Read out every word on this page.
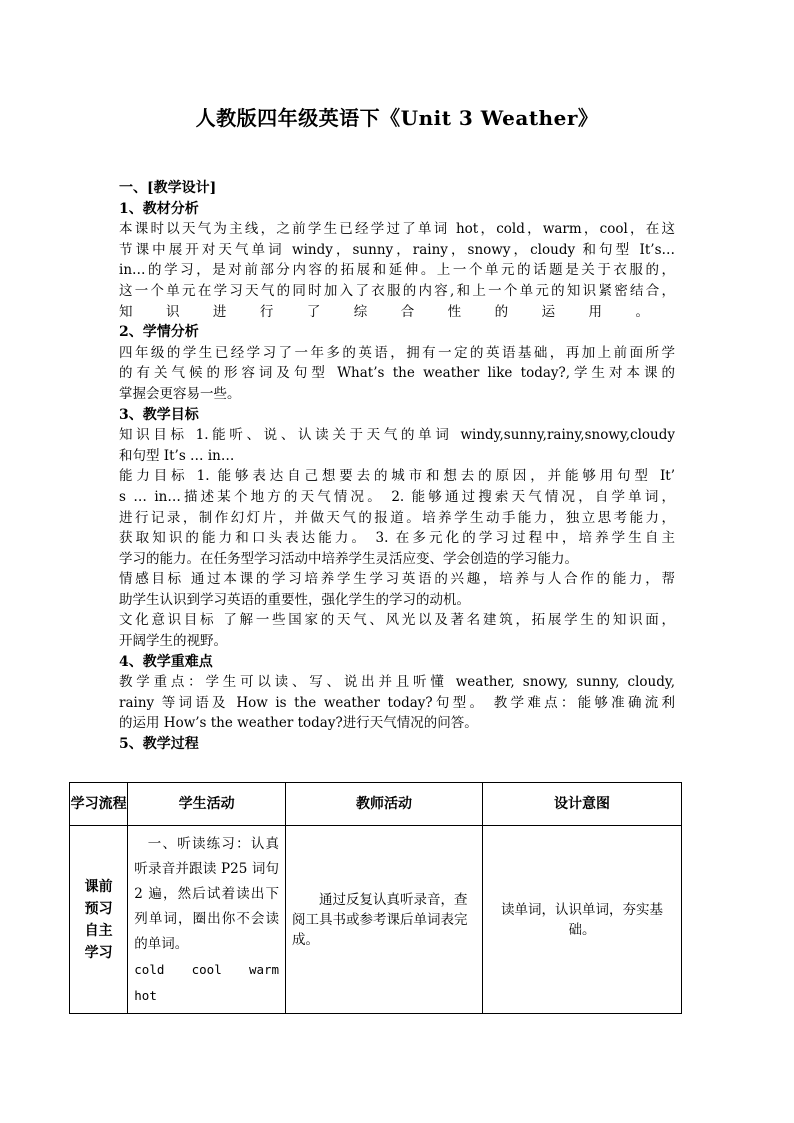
人教版四年级英语下《Unit 3 Weather》

一、[教学设计]

1、教材分析

本课时以天气为主线，之前学生已经学过了单词 hot，cold，warm，cool，在这

节课中展开对天气单词 windy，sunny，rainy，snowy，cloudy 和句型 It’s…

in…的学习，是对前部分内容的拓展和延伸。上一个单元的话题是关于衣服的，

这一个单元在学习天气的同时加入了衣服的内容,和上一个单元的知识紧密结合，

知识进行了综合性的运用。

2、学情分析

四年级的学生已经学习了一年多的英语，拥有一定的英语基础，再加上前面所学

的有关气候的形容词及句型 What’s the weather like today?,学生对本课的

掌握会更容易一些。

3、教学目标

知识目标 1.能听、说、认读关于天气的单词 windy,sunny,rainy,snowy,cloudy

和句型 It’s … in…

能力目标 1. 能够表达自己想要去的城市和想去的原因，并能够用句型 It’

s … in…描述某个地方的天气情况。 2. 能够通过搜索天气情况，自学单词，

进行记录，制作幻灯片，并做天气的报道。培养学生动手能力，独立思考能力，

获取知识的能力和口头表达能力。 3. 在多元化的学习过程中，培养学生自主

学习的能力。在任务型学习活动中培养学生灵活应变、学会创造的学习能力。

情感目标 通过本课的学习培养学生学习英语的兴趣，培养与人合作的能力，帮

助学生认识到学习英语的重要性，强化学生的学习的动机。

文化意识目标 了解一些国家的天气、风光以及著名建筑，拓展学生的知识面，

开阔学生的视野。

4、教学重难点

教学重点：学生可以读、写、说出并且听懂 weather, snowy, sunny, cloudy,

rainy 等词语及 How is the weather today?句型。 教学难点：能够准确流利

的运用 How’s the weather today?进行天气情况的问答。

5、教学过程

学习流程	学生活动	教师活动	设计意图

课前预习自主学习	一、听读练习：认真听录音并跟读 P25 词句 2 遍，然后试着读出下列单词，圈出你不会读的单词。
cold cool warm
hot	通过反复认真听录音，查阅工具书或参考课后单词表完成。	读单词，认识单词，夯实基础。
